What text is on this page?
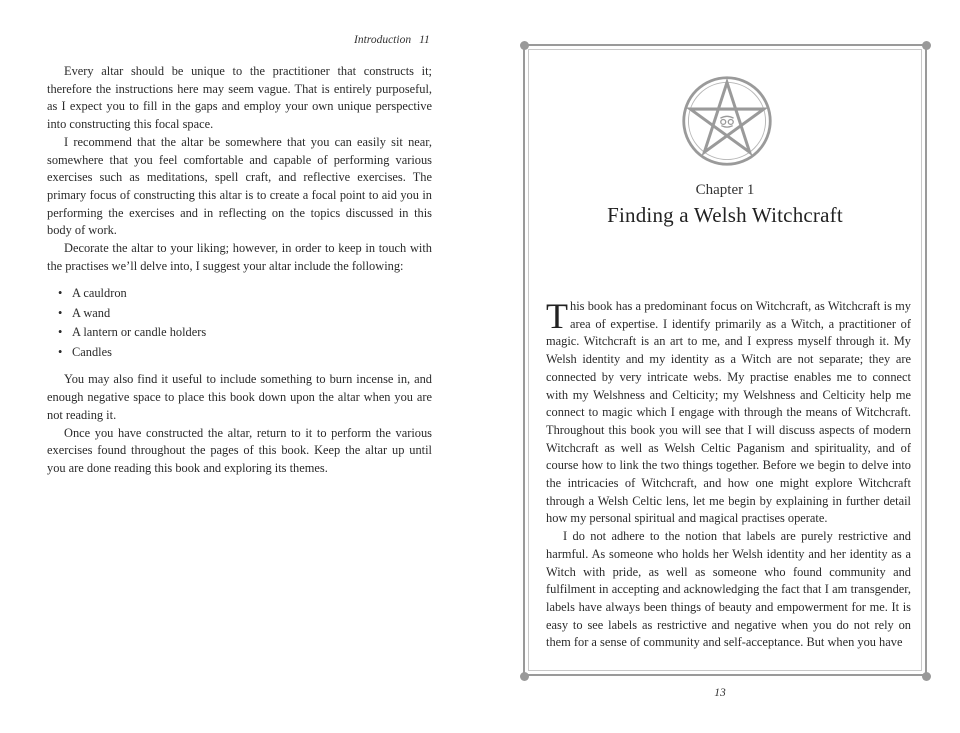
Introduction 11

Every altar should be unique to the practitioner that constructs it; therefore the instructions here may seem vague. That is entirely purposeful, as I expect you to fill in the gaps and employ your own unique perspective into constructing this focal space.

I recommend that the altar be somewhere that you can easily sit near, somewhere that you feel comfortable and capable of performing various exercises such as meditations, spell craft, and reflective exercises. The primary focus of constructing this altar is to create a focal point to aid you in performing the exercises and in reflecting on the topics discussed in this body of work.

Decorate the altar to your liking; however, in order to keep in touch with the practises we’ll delve into, I suggest your altar include the following:

• A cauldron
• A wand
• A lantern or candle holders
• Candles

You may also find it useful to include something to burn incense in, and enough negative space to place this book down upon the altar when you are not reading it.

Once you have constructed the altar, return to it to perform the various exercises found throughout the pages of this book. Keep the altar up until you are done reading this book and exploring its themes.

Chapter 1
Finding a Welsh Witchcraft

This book has a predominant focus on Witchcraft, as Witchcraft is my area of expertise. I identify primarily as a Witch, a practitioner of magic. Witchcraft is an art to me, and I express myself through it. My Welsh identity and my identity as a Witch are not separate; they are connected by very intricate webs. My practise enables me to connect with my Welshness and Celticity; my Welshness and Celticity help me connect to magic which I engage with through the means of Witchcraft. Throughout this book you will see that I will discuss aspects of modern Witchcraft as well as Welsh Celtic Paganism and spirituality, and of course how to link the two things together. Before we begin to delve into the intricacies of Witchcraft, and how one might explore Witchcraft through a Welsh Celtic lens, let me begin by explaining in further detail how my personal spiritual and magical practises operate.

I do not adhere to the notion that labels are purely restrictive and harmful. As someone who holds her Welsh identity and her identity as a Witch with pride, as well as someone who found community and fulfilment in accepting and acknowledging the fact that I am transgender, labels have always been things of beauty and empowerment for me. It is easy to see labels as restrictive and negative when you do not rely on them for a sense of community and self-acceptance. But when you have

13
